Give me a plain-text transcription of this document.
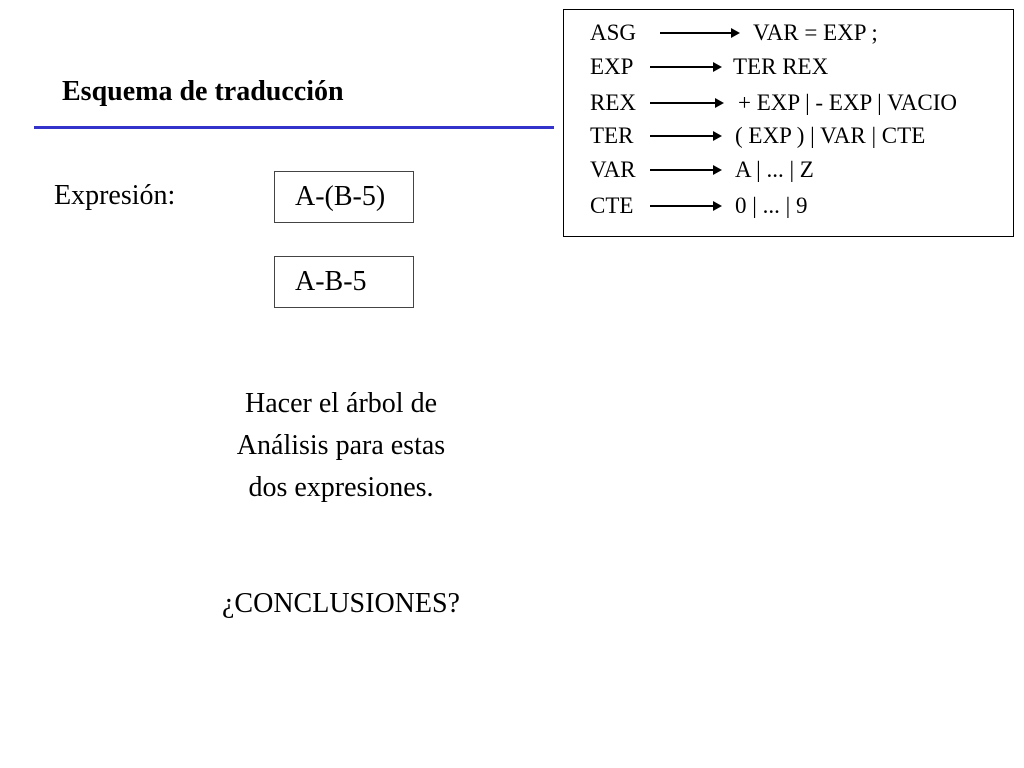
Esquema de traducción
ASG	VAR = EXP ;
EXP	TER REX
REX	+ EXP | - EXP | VACIO
TER	( EXP ) | VAR | CTE
VAR	A | ... | Z
CTE	0 | ... | 9
Expresión:	A-(B-5)
A-B-5
Hacer el árbol de
Análisis para estas
dos expresiones.
¿CONCLUSIONES?
